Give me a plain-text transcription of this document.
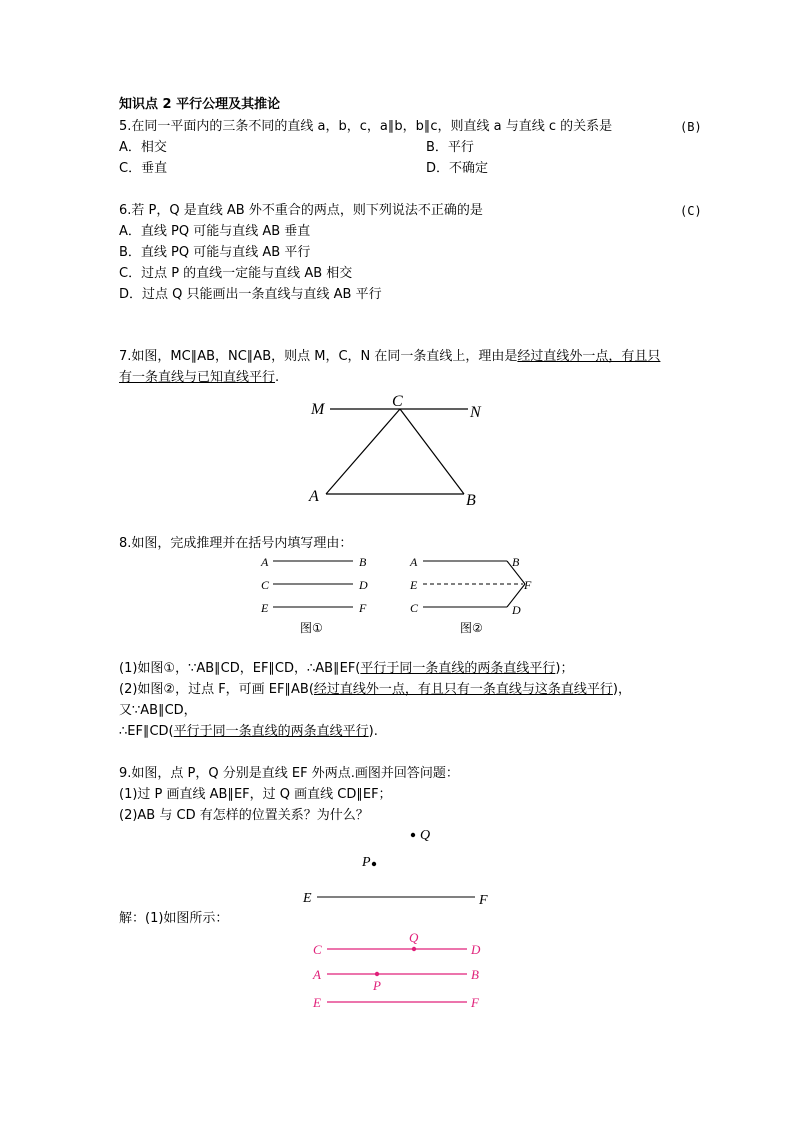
知识点 2 平行公理及其推论
5.在同一平面内的三条不同的直线 a，b，c，a∥b，b∥c，则直线 a 与直线 c 的关系是	(B)
A．相交	B．平行
C．垂直	D．不确定
6.若 P，Q 是直线 AB 外不重合的两点，则下列说法不正确的是	(C)
A．直线 PQ 可能与直线 AB 垂直
B．直线 PQ 可能与直线 AB 平行
C．过点 P 的直线一定能与直线 AB 相交
D．过点 Q 只能画出一条直线与直线 AB 平行
7.如图，MC∥AB，NC∥AB，则点 M，C，N 在同一条直线上，理由是经过直线外一点，有且只
有一条直线与已知直线平行.
M	C
N
A	B
8.如图，完成推理并在括号内填写理由：
A	B
C	D
E	F
图①
A	B
E	F
C	D
图②
(1)如图①，∵AB∥CD，EF∥CD，∴AB∥EF(平行于同一条直线的两条直线平行)；
(2)如图②，过点 F，可画 EF∥AB(经过直线外一点，有且只有一条直线与这条直线平行)，
又∵AB∥CD，
∴EF∥CD(平行于同一条直线的两条直线平行).
9.如图，点 P，Q 分别是直线 EF 外两点.画图并回答问题：
(1)过 P 画直线 AB∥EF，过 Q 画直线 CD∥EF；
(2)AB 与 CD 有怎样的位置关系？为什么？
Q
P
E	F
解：(1)如图所示：
C
Q
D
A
P
B
E	F
